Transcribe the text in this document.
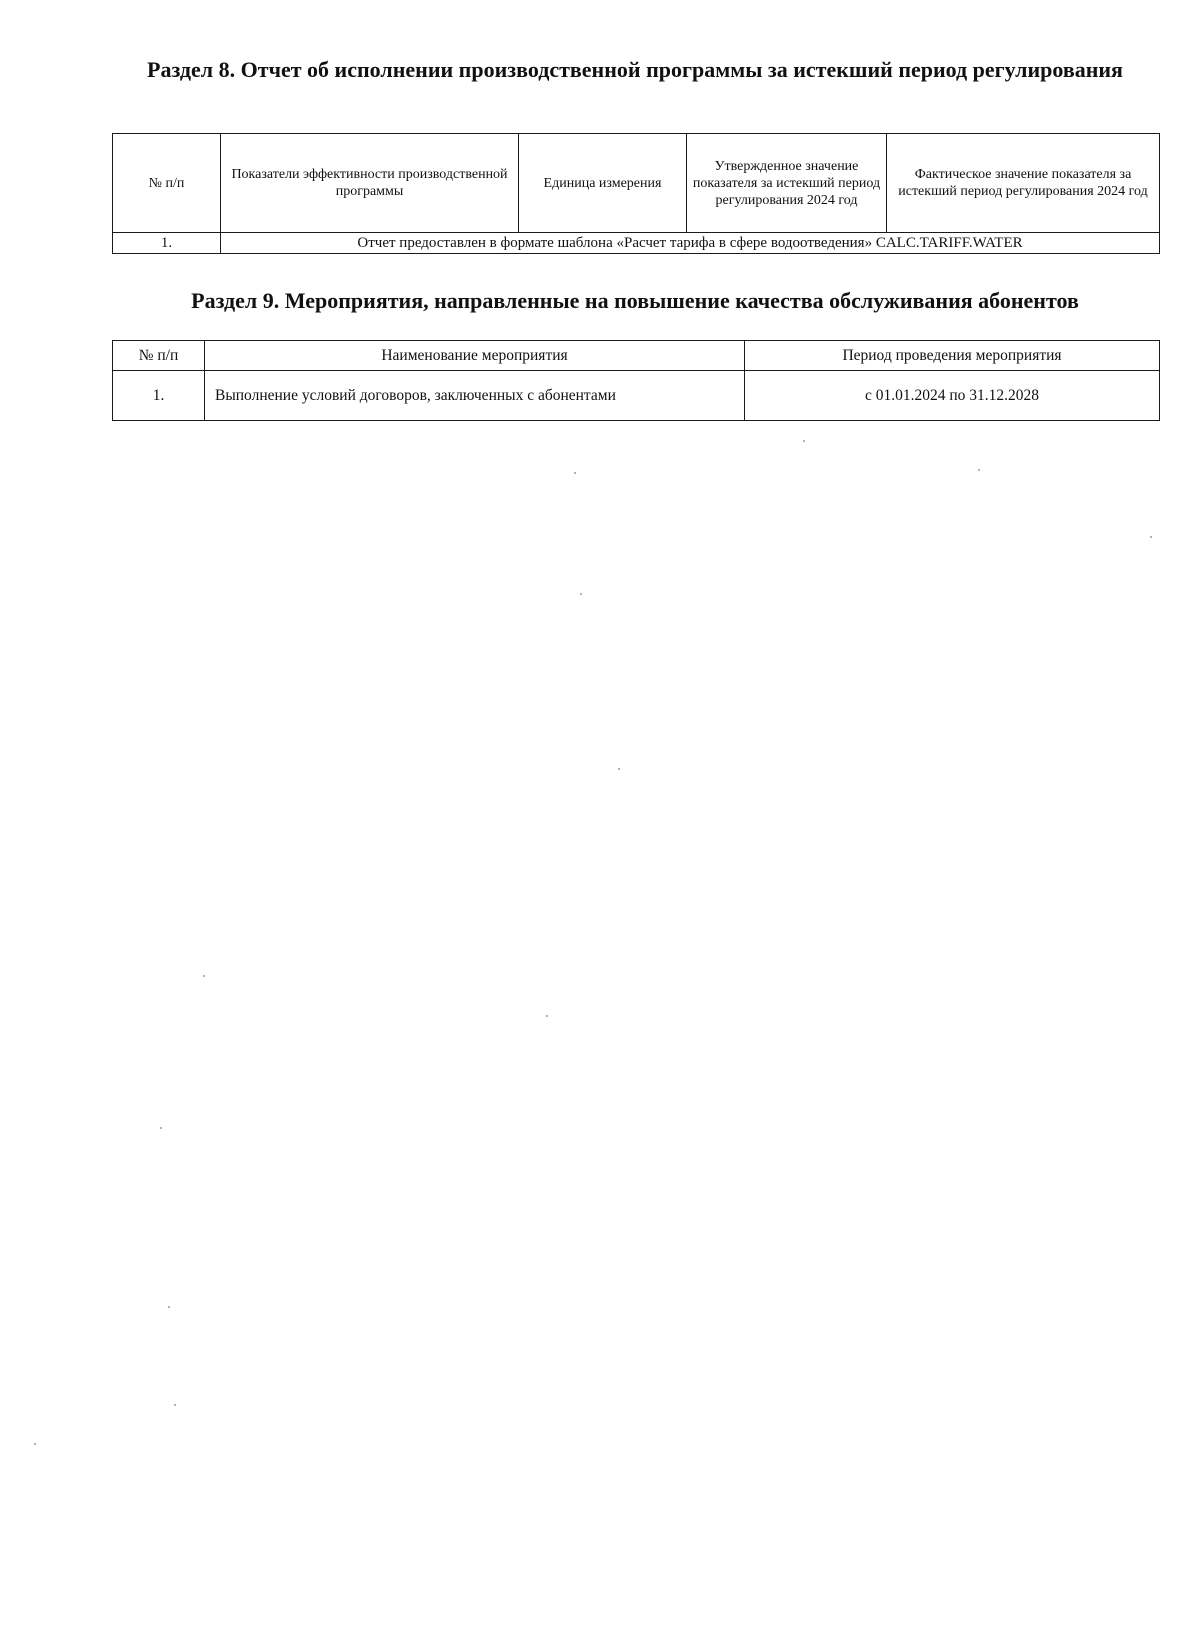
Раздел 8. Отчет об исполнении производственной программы за истекший период регулирования
№ п/п	Показатели эффективности производственной программы	Единица измерения	Утвержденное значение показателя за истекший период регулирования 2024 год	Фактическое значение показателя за истекший период регулирования 2024 год
1.	Отчет предоставлен в формате шаблона «Расчет тарифа в сфере водоотведения» CALC.TARIFF.WATER			
Раздел 9. Мероприятия, направленные на повышение качества обслуживания абонентов
№ п/п	Наименование мероприятия	Период проведения мероприятия
1.	Выполнение условий договоров, заключенных с абонентами	с 01.01.2024 по 31.12.2028
